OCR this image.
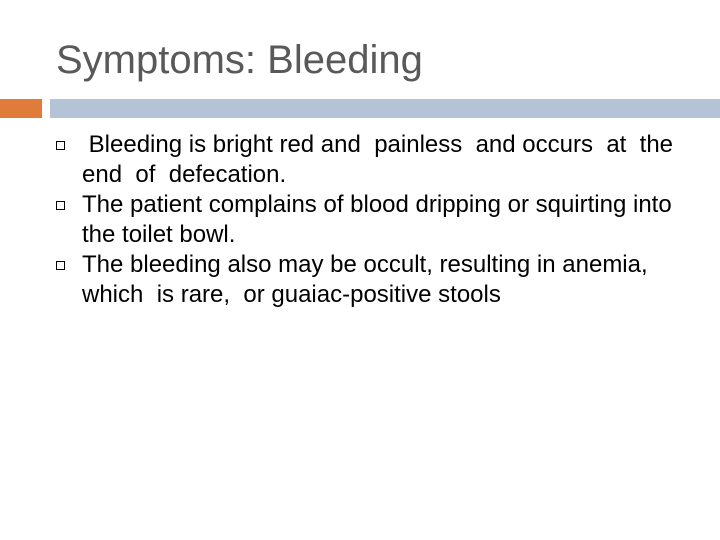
Symptoms: Bleeding
Bleeding is bright red and  painless  and occurs  at  the  end  of  defecation.
The patient complains of blood dripping or squirting into the toilet bowl.
The bleeding also may be occult, resulting in anemia, which  is rare,  or guaiac-positive stools
